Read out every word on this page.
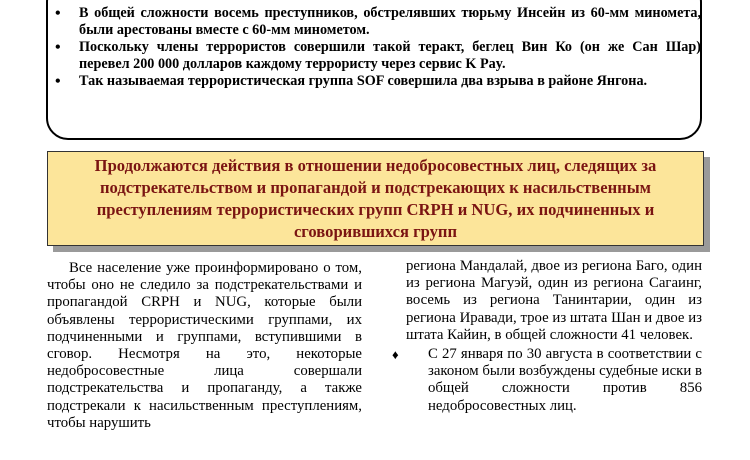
• В общей сложности восемь преступников, обстрелявших тюрьму Инсейн из 60-мм минометa, были арестованы вместе с 60-мм минометом.
• Поскольку члены террористов совершили такой теракт, беглец Вин Ко (он же Сан Шар) перевел 200 000 долларов каждому террористу через сервис K Pay.
• Так называемая террористическая группа SOF совершила два взрыва в районе Янгона.

Продолжаются действия в отношении недобросовестных лиц, следящих за подстрекательством и пропагандой и подстрекающих к насильственным преступлениям террористических групп CRPH и NUG, их подчиненных и сговорившихся групп

Все население уже проинформировано о том, чтобы оно не следило за подстрекательствами и пропагандой CRPH и NUG, которые были объявлены террористическими группами, их подчиненными и группами, вступившими в сговор. Несмотря на это, некоторые недобросовестные лица совершали подстрекательства и пропаганду, а также подстрекали к насильственным преступлениям, чтобы нарушить

региона Мандалай, двое из региона Баго, один из региона Магуэй, один из региона Сагаинг, восемь из региона Танинтарии, один из региона Иравади, трое из штата Шан и двое из штата Кайин, в общей сложности 41 человек.

♦ С 27 января по 30 августа в соответствии с законом были возбуждены судебные иски в общей сложности против 856 недобросовестных лиц.
